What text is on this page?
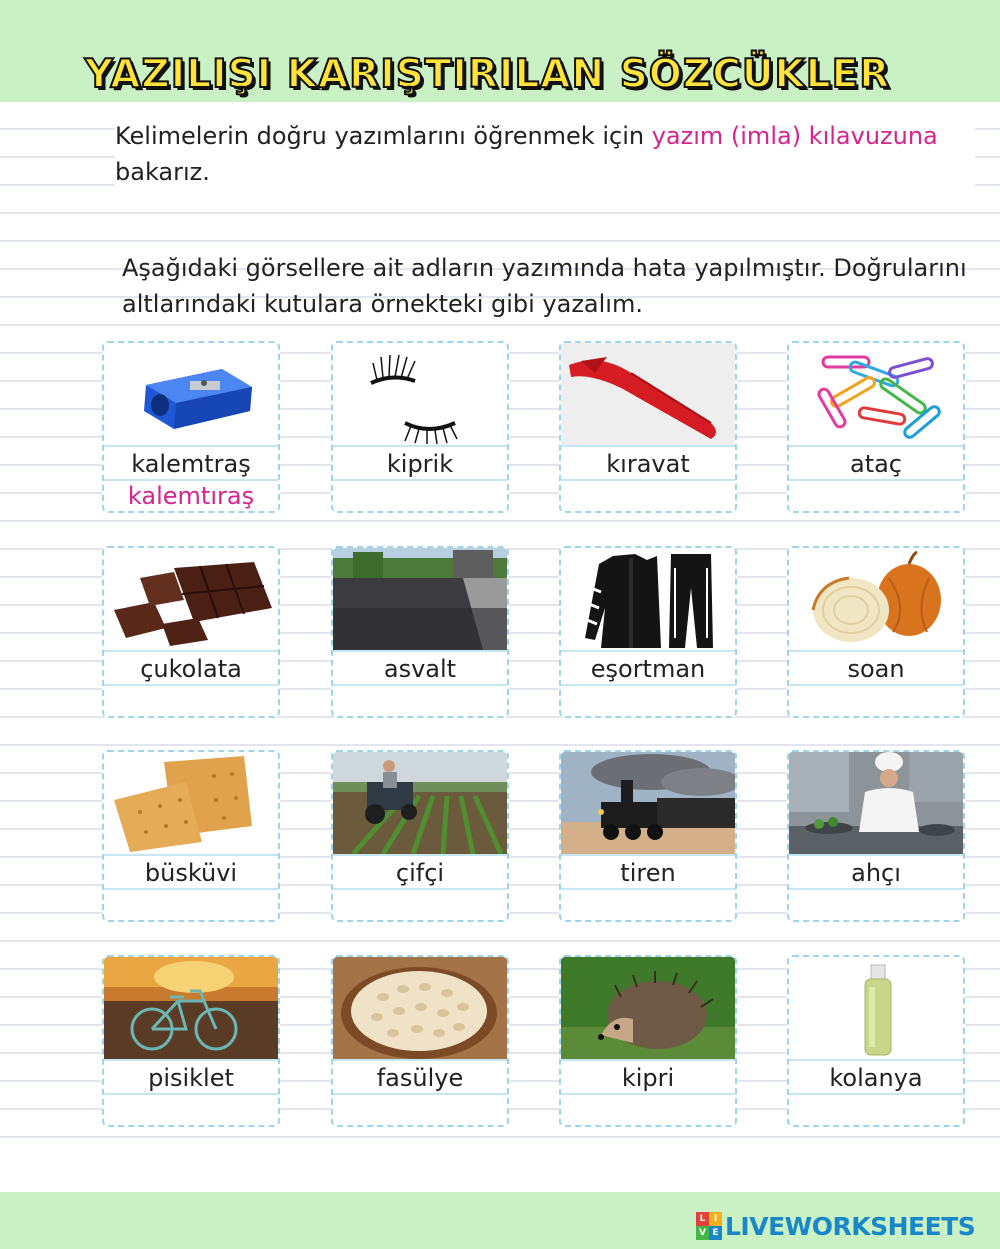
YAZILIŞI KARIŞTIRILAN SÖZCÜKLER
Kelimelerin doğru yazımlarını öğrenmek için yazım (imla) kılavuzuna bakarız.
Aşağıdaki görsellere ait adların yazımında hata yapılmıştır. Doğrularını altlarındaki kutulara örnekteki gibi yazalım.
kalemtraş
kalemtıraş
kiprik	kıravat	ataç
çukolata	asvalt	eşortman	soan
büsküvi	çifçi	tiren	ahçı
pisiklet	fasülye	kipri	kolanya
L I
V E LIVEWORKSHEETS
